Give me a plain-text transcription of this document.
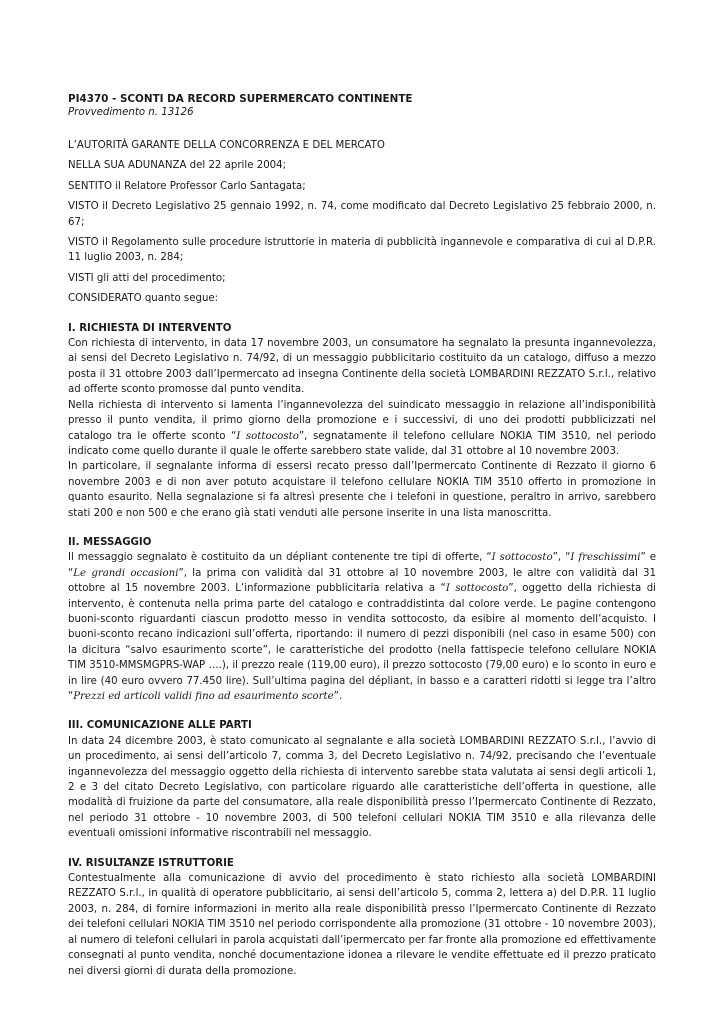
PI4370 - SCONTI DA RECORD SUPERMERCATO CONTINENTE

Provvedimento n. 13126

L’AUTORITÀ GARANTE DELLA CONCORRENZA E DEL MERCATO

NELLA SUA ADUNANZA del 22 aprile 2004;

SENTITO il Relatore Professor Carlo Santagata;

VISTO il Decreto Legislativo 25 gennaio 1992, n. 74, come modificato dal Decreto Legislativo 25 febbraio 2000, n. 67;

VISTO il Regolamento sulle procedure istruttorie in materia di pubblicità ingannevole e comparativa di cui al D.P.R. 11 luglio 2003, n. 284;

VISTI gli atti del procedimento;

CONSIDERATO quanto segue:

I. RICHIESTA DI INTERVENTO

Con richiesta di intervento, in data 17 novembre 2003, un consumatore ha segnalato la presunta ingannevolezza, ai sensi del Decreto Legislativo n. 74/92, di un messaggio pubblicitario costituito da un catalogo, diffuso a mezzo posta il 31 ottobre 2003 dall’Ipermercato ad insegna Continente della società LOMBARDINI REZZATO S.r.l., relativo ad offerte sconto promosse dal punto vendita.

Nella richiesta di intervento si lamenta l’ingannevolezza del suindicato messaggio in relazione all’indisponibilità presso il punto vendita, il primo giorno della promozione e i successivi, di uno dei prodotti pubblicizzati nel catalogo tra le offerte sconto “I sottocosto”, segnatamente il telefono cellulare NOKIA TIM 3510, nel periodo indicato come quello durante il quale le offerte sarebbero state valide, dal 31 ottobre al 10 novembre 2003.

In particolare, il segnalante informa di essersi recato presso dall’Ipermercato Continente di Rezzato il giorno 6 novembre 2003 e di non aver potuto acquistare il telefono cellulare NOKIA TIM 3510 offerto in promozione in quanto esaurito. Nella segnalazione si fa altresì presente che i telefoni in questione, peraltro in arrivo, sarebbero stati 200 e non 500 e che erano già stati venduti alle persone inserite in una lista manoscritta.

II. MESSAGGIO

Il messaggio segnalato è costituito da un dépliant contenente tre tipi di offerte, “I sottocosto”, “I freschissimi” e “Le grandi occasioni”, la prima con validità dal 31 ottobre al 10 novembre 2003, le altre con validità dal 31 ottobre al 15 novembre 2003. L’informazione pubblicitaria relativa a “I sottocosto”, oggetto della richiesta di intervento, è contenuta nella prima parte del catalogo e contraddistinta dal colore verde. Le pagine contengono buoni-sconto riguardanti ciascun prodotto messo in vendita sottocosto, da esibire al momento dell’acquisto. I buoni-sconto recano indicazioni sull’offerta, riportando: il numero di pezzi disponibili (nel caso in esame 500) con la dicitura “salvo esaurimento scorte”, le caratteristiche del prodotto (nella fattispecie telefono cellulare NOKIA TIM 3510-MMSMGPRS-WAP ….), il prezzo reale (119,00 euro), il prezzo sottocosto (79,00 euro) e lo sconto in euro e in lire (40 euro ovvero 77.450 lire). Sull’ultima pagina del dépliant, in basso e a caratteri ridotti si legge tra l’altro “Prezzi ed articoli validi fino ad esaurimento scorte”.

III. COMUNICAZIONE ALLE PARTI

In data 24 dicembre 2003, è stato comunicato al segnalante e alla società LOMBARDINI REZZATO S.r.l., l’avvio di un procedimento, ai sensi dell’articolo 7, comma 3, del Decreto Legislativo n. 74/92, precisando che l’eventuale ingannevolezza del messaggio oggetto della richiesta di intervento sarebbe stata valutata ai sensi degli articoli 1, 2 e 3 del citato Decreto Legislativo, con particolare riguardo alle caratteristiche dell’offerta in questione, alle modalità di fruizione da parte del consumatore, alla reale disponibilità presso l’Ipermercato Continente di Rezzato, nel periodo 31 ottobre - 10 novembre 2003, di 500 telefoni cellulari NOKIA TIM 3510 e alla rilevanza delle eventuali omissioni informative riscontrabili nel messaggio.

IV. RISULTANZE ISTRUTTORIE

Contestualmente alla comunicazione di avvio del procedimento è stato richiesto alla società LOMBARDINI REZZATO S.r.l., in qualità di operatore pubblicitario, ai sensi dell’articolo 5, comma 2, lettera a) del D.P.R. 11 luglio 2003, n. 284, di fornire informazioni in merito alla reale disponibilità presso l’Ipermercato Continente di Rezzato dei telefoni cellulari NOKIA TIM 3510 nel periodo corrispondente alla promozione (31 ottobre - 10 novembre 2003), al numero di telefoni cellulari in parola acquistati dall’ipermercato per far fronte alla promozione ed effettivamente consegnati al punto vendita, nonché documentazione idonea a rilevare le vendite effettuate ed il prezzo praticato nei diversi giorni di durata della promozione.
